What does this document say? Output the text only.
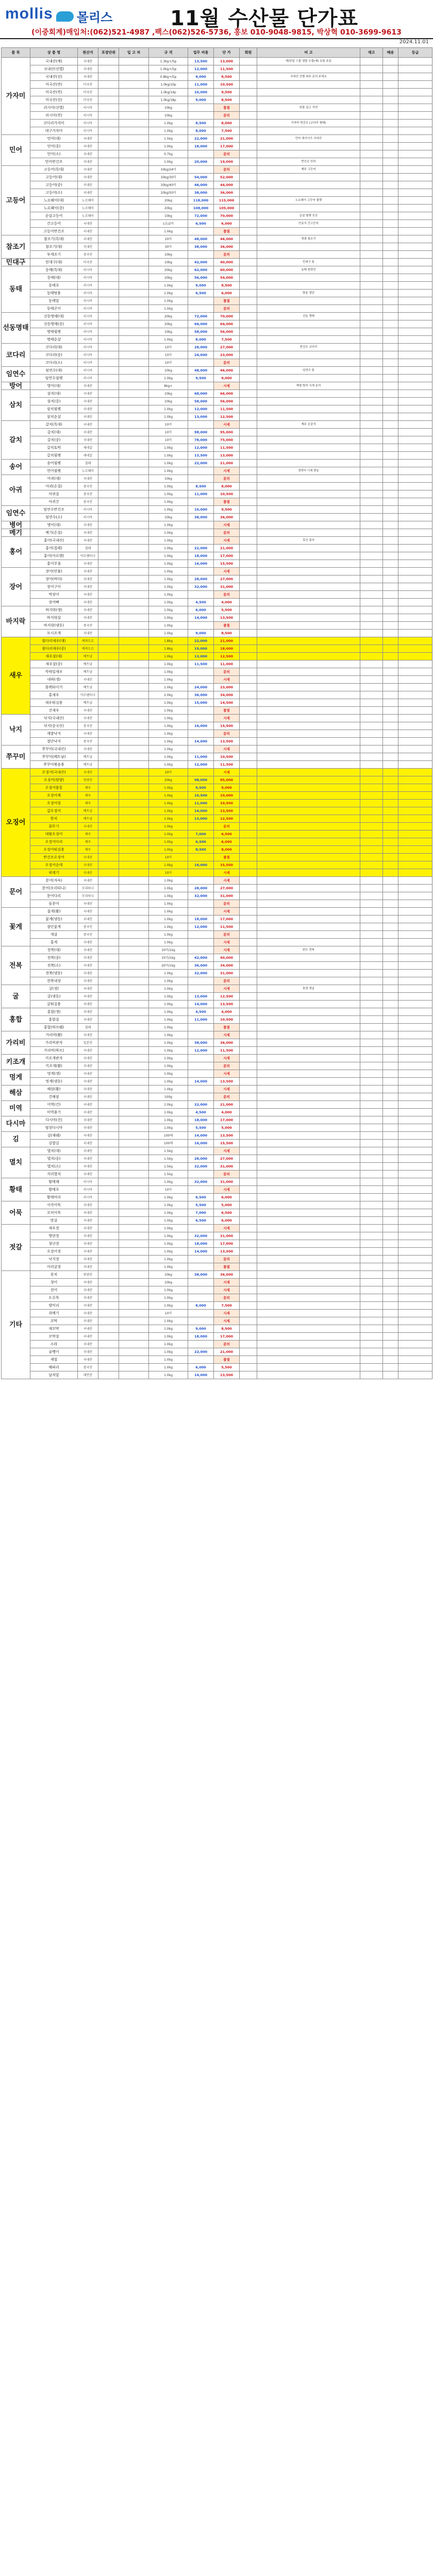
mollis 몰리스	11월 수산물 단가표
(이중회계)매입처:(062)521-4987 ,팩스(062)526-5736, 홍보 010-9048-9815, 박상혁 010-3699-9613
2024.11.01
품 목	상 품 명	원산지	포장단위	입 고 처	규 격	업무 비용	단 가	회원	비 고	재고	배송	등급
가자미	국내산(예)	국내산			1.3kg+/5p	13,500	13,000		예)당일 스몰 생물 수출(예) 보통 주문			
	국내산(선별)	국내산			1.0kg+/5p	12,000	11,500					
	국내산(선)	국내산			0.8kg+/5p	9,000	8,500		국내산 선별 위주 문의 주세요			
	미국산(연)	미국산			1.0kg/10p	11,000	10,500					
	미국산(연)	미국산			1.0kg/14p	10,000	9,500					
	미국산(선)	미국산			1.0kg/18p	9,000	8,500					
	러시아(선별)	러시아			10kg		품절		원물 입고 지연			
	러시아(연)	러시아			10kg		문의					
	코다리가자미	러시아			1.0kg	8,500	8,000		가자미 반건조 (코다리 형태)			
	대구가자미	러시아			1.0kg	8,000	7,500					
민어	민어(대)	국내산			1.5kg	22,000	21,000		민어 대사이즈 국내산			
	민어(중)	국내산			1.0kg	18,000	17,000					
	민어(소)	국내산			0.7kg		문의					
	민어반건조	국내산			1.0kg	20,000	19,000		반건조 민어			
고등어	고등어(특대)	국내산			10kg/24미		문의		제주 고등어			
	고등어(대)	국내산			10kg/30미	54,000	52,000					
	고등어(중)	국내산			10kg/40미	46,000	44,000					
	고등어(소)	국내산			10kg/50미	38,000	36,000					
	노르웨이(대)	노르웨이			20kg	118,000	115,000		노르웨이 고등어 필렛			
	노르웨이(중)	노르웨이			20kg	108,000	105,000					
	순살고등어	노르웨이			10kg	72,000	70,000		순살 필렛 진공			
	간고등어	국내산			1손/2미	6,500	6,000		안동식 간고등어			
	고등어반건조	국내산			1.0kg		품절					
참조기	참조기(특대)	국내산			20미	48,000	46,000		영광 참조기			
	참조기(대)	국내산			30미	38,000	36,000					
	부세조기	중국산			10kg		문의					
민대구	민대구(대)	미국산			10kg	42,000	40,000		민대구 통			
동태	동태(특대)	러시아			20kg	62,000	60,000		동태 원양산			
	동태(대)	러시아			20kg	56,000	54,000					
	동태포	러시아			1.0kg	9,000	8,500					
	동태탕용	러시아			1.0kg	6,500	6,000		탕용 절단			
	동태알	러시아			1.0kg		품절					
	동태곤이	러시아			1.0kg		문의					
선동명태	선동명태(대)	러시아			20kg	72,000	70,000		선동 명태			
	선동명태(중)	러시아			20kg	66,000	64,000					
	명태필렛	러시아			10kg	58,000	56,000					
	명태순살	러시아			1.0kg	8,000	7,500					
코다리	코다리(대)	러시아			10미	28,000	27,000		반건조 코다리			
	코다리(중)	러시아			10미	24,000	23,000					
	코다리(소)	러시아			10미		문의					
임연수	임연수(대)	러시아			10kg	48,000	46,000		임연수 통			
	임연수필렛	러시아			1.0kg	9,500	9,000					
방어	방어(대)	국내산			8kg+		시세		제철 방어 시세 문의			
삼치	삼치(대)	국내산			10kg	68,000	66,000					
	삼치(중)	국내산			10kg	58,000	56,000					
	삼치필렛	국내산			1.0kg	12,000	11,500					
	삼치순살	국내산			1.0kg	13,000	12,500					
갈치	갈치(특대)	국내산			10미		시세		제주 은갈치			
	갈치(대)	국내산			10미	98,000	95,000					
	갈치(중)	국내산			10미	78,000	75,000					
	갈치토막	세네갈			1.0kg	12,000	11,500					
	갈치필렛	세네갈			1.0kg	13,500	13,000					
송어	송어필렛	칠레			1.0kg	22,000	21,000					
	연어필렛	노르웨이			1.0kg		시세		생연어 시세 변동			
아귀	아귀(대)	국내산			10kg		문의					
	아귀(손질)	중국산			1.0kg	8,500	8,000					
	아귀살	중국산			1.0kg	11,000	10,500					
	아귀간	중국산			1.0kg		품절					
임연수	임연수반건조	러시아			1.0kg	10,000	9,500					
	임연수(소)	러시아			10kg	38,000	36,000					
병어	병어(대)	국내산			1.0kg		시세					
메기	메기(손질)	국내산			1.0kg		문의					
홍어	홍어(국내산)	국내산			1.0kg		시세		흑산 홍어			
	홍어(칠레)	칠레			1.0kg	22,000	21,000					
	홍어(아르헨)	아르헨티나			1.0kg	18,000	17,000					
	홍어무침	국내산			1.0kg	16,000	15,500					
장어	장어(민물)	국내산			1.0kg		시세					
	장어(바다)	국내산			1.0kg	28,000	27,000					
	장어구이	국내산			1.0kg	32,000	31,000					
	먹장어	국내산			1.0kg		문의					
	장어뼈	국내산			1.0kg	4,500	4,000					
바지락	바지락(생)	국내산			1.0kg	6,000	5,500					
	바지락살	국내산			1.0kg	14,000	13,500					
	바지락(냉동)	중국산			1.0kg		품절					
	모시조개	국내산			1.0kg	9,000	8,500					
새우	흰다리새우(대)	에콰도르			1.8kg	22,000	21,000					
	흰다리새우(중)	에콰도르			1.8kg	19,000	18,000					
	새우살(대)	베트남			1.0kg	13,000	12,500					
	새우살(중)	베트남			1.0kg	11,500	11,000					
	칵테일새우	베트남			1.0kg		문의					
	대하(생)	국내산			1.0kg		시세					
	블랙타이거	베트남			1.0kg	24,000	23,000					
	홍새우	아르헨티나			2.0kg	36,000	34,000					
	새우튀김용	베트남			1.0kg	15,000	14,500					
	건새우	국내산			1.0kg		품절					
낙지	낙지(국내산)	국내산			1.0kg		시세					
	낙지(중국산)	중국산			1.0kg	16,000	15,500					
	세발낙지	국내산			1.0kg		문의					
	절단낙지	중국산			1.0kg	14,000	13,500					
쭈꾸미	쭈꾸미(국내산)	국내산			1.0kg		시세					
	쭈꾸미(베트남)	베트남			1.0kg	11,000	10,500					
	쭈꾸미볶음용	베트남			1.0kg	12,000	11,500					
오징어	오징어(국내산)	국내산			20미		시세					
	오징어(원양)	원양산			20kg	98,000	95,000					
	오징어몸통	페루			1.0kg	9,500	9,000					
	오징어채	페루			1.0kg	10,500	10,000					
	오징어링	페루			1.0kg	11,000	10,500					
	갑오징어	베트남			1.0kg	14,000	13,500					
	한치	베트남			1.0kg	13,000	12,500					
	꼴뚜기	국내산			1.0kg		문의					
	대왕오징어	페루			1.0kg	7,000	6,500					
	오징어다리	페루			1.0kg	6,500	6,000					
	오징어튀김용	페루			1.0kg	8,500	8,000					
	반건조오징어	국내산			10미		품절					
	오징어순대	국내산			1.0kg	16,000	15,500					
	피데기	국내산			10미		시세					
문어	문어(자숙)	국내산			1.0kg		시세					
	문어(모리타니)	모리타니			1.0kg	28,000	27,000					
	문어다리	모리타니			1.0kg	32,000	31,000					
	돌문어	국내산			1.0kg		문의					
꽃게	꽃게(활)	국내산			1.0kg		시세					
	꽃게(냉동)	국내산			1.0kg	18,000	17,000					
	절단꽃게	중국산			1.0kg	12,000	11,500					
	게살	중국산			1.0kg		문의					
	홍게	국내산			1.0kg		시세					
전복	전복(대)	국내산			10미/1kg		시세		완도 전복			
	전복(중)	국내산			15미/1kg	42,000	40,000					
	전복(소)	국내산			20미/1kg	36,000	34,000					
	전복(냉동)	국내산			1.0kg	32,000	31,000					
	전복내장	국내산			1.0kg		문의					
굴	굴(생)	국내산			1.0kg		시세		통영 생굴			
	굴(냉동)	국내산			1.0kg	13,000	12,500					
	굴튀김용	국내산			1.0kg	14,000	13,500					
홍합	홍합(생)	국내산			1.0kg	4,500	4,000					
	홍합살	국내산			1.0kg	11,000	10,500					
	홍합(하프쉘)	칠레			1.0kg		품절					
가리비	가리비(활)	국내산			1.0kg		시세					
	가리비관자	일본산			1.0kg	38,000	36,000					
	가리비(하프)	국내산			1.0kg	12,000	11,500					
키조개	키조개관자	국내산			1.0kg		시세					
	키조개(활)	국내산			1.0kg		문의					
멍게	멍게(생)	국내산			1.0kg		시세					
	멍게(냉동)	국내산			1.0kg	14,000	13,500					
해삼	해삼(활)	국내산			1.0kg		시세					
	건해삼	국내산			100g		문의					
미역	미역(건)	국내산			1.0kg	22,000	21,000					
	미역줄기	국내산			1.0kg	4,500	4,000					
다시마	다시마(건)	국내산			1.0kg	18,000	17,000					
	염장다시마	국내산			1.0kg	5,500	5,000					
김	김(재래)	국내산			100매	14,000	13,500					
	김밥김	국내산			100매	16,000	15,500					
멸치	멸치(대)	국내산			1.5kg		시세					
	멸치(중)	국내산			1.5kg	28,000	27,000					
	멸치(소)	국내산			1.5kg	32,000	31,000					
	지리멸치	국내산			1.5kg		문의					
황태	황태채	러시아			1.0kg	32,000	31,000					
	황태포	러시아			10미		시세					
	황태머리	러시아			1.0kg	6,500	6,000					
어묵	사각어묵	국내산			1.0kg	5,500	5,000					
	꼬치어묵	국내산			1.0kg	7,000	6,500					
	맛살	국내산			1.0kg	6,500	6,000					
젓갈	새우젓	국내산			1.0kg		시세					
	명란젓	국내산			1.0kg	32,000	31,000					
	창난젓	국내산			1.0kg	18,000	17,000					
	오징어젓	국내산			1.0kg	14,000	13,500					
	낙지젓	국내산			1.0kg		문의					
	어리굴젓	국내산			1.0kg		품절					
기타	꽁치	원양산			10kg	38,000	36,000					
	청어	국내산			10kg		시세					
	전어	국내산			1.0kg		시세					
	도루묵	국내산			1.0kg		문의					
	양미리	국내산			1.0kg	8,000	7,500					
	과메기	국내산			10미		시세					
	꼬막	국내산			1.0kg		시세					
	새꼬막	국내산			1.0kg	9,000	8,500					
	꼬막살	국내산			1.0kg	18,000	17,000					
	소라	국내산			1.0kg		문의					
	골뱅이	국내산			1.0kg	22,000	21,000					
	재첩	국내산			1.0kg		품절					
	해파리	중국산			1.0kg	6,000	5,500					
	날치알	대만산			1.0kg	14,000	13,500					
